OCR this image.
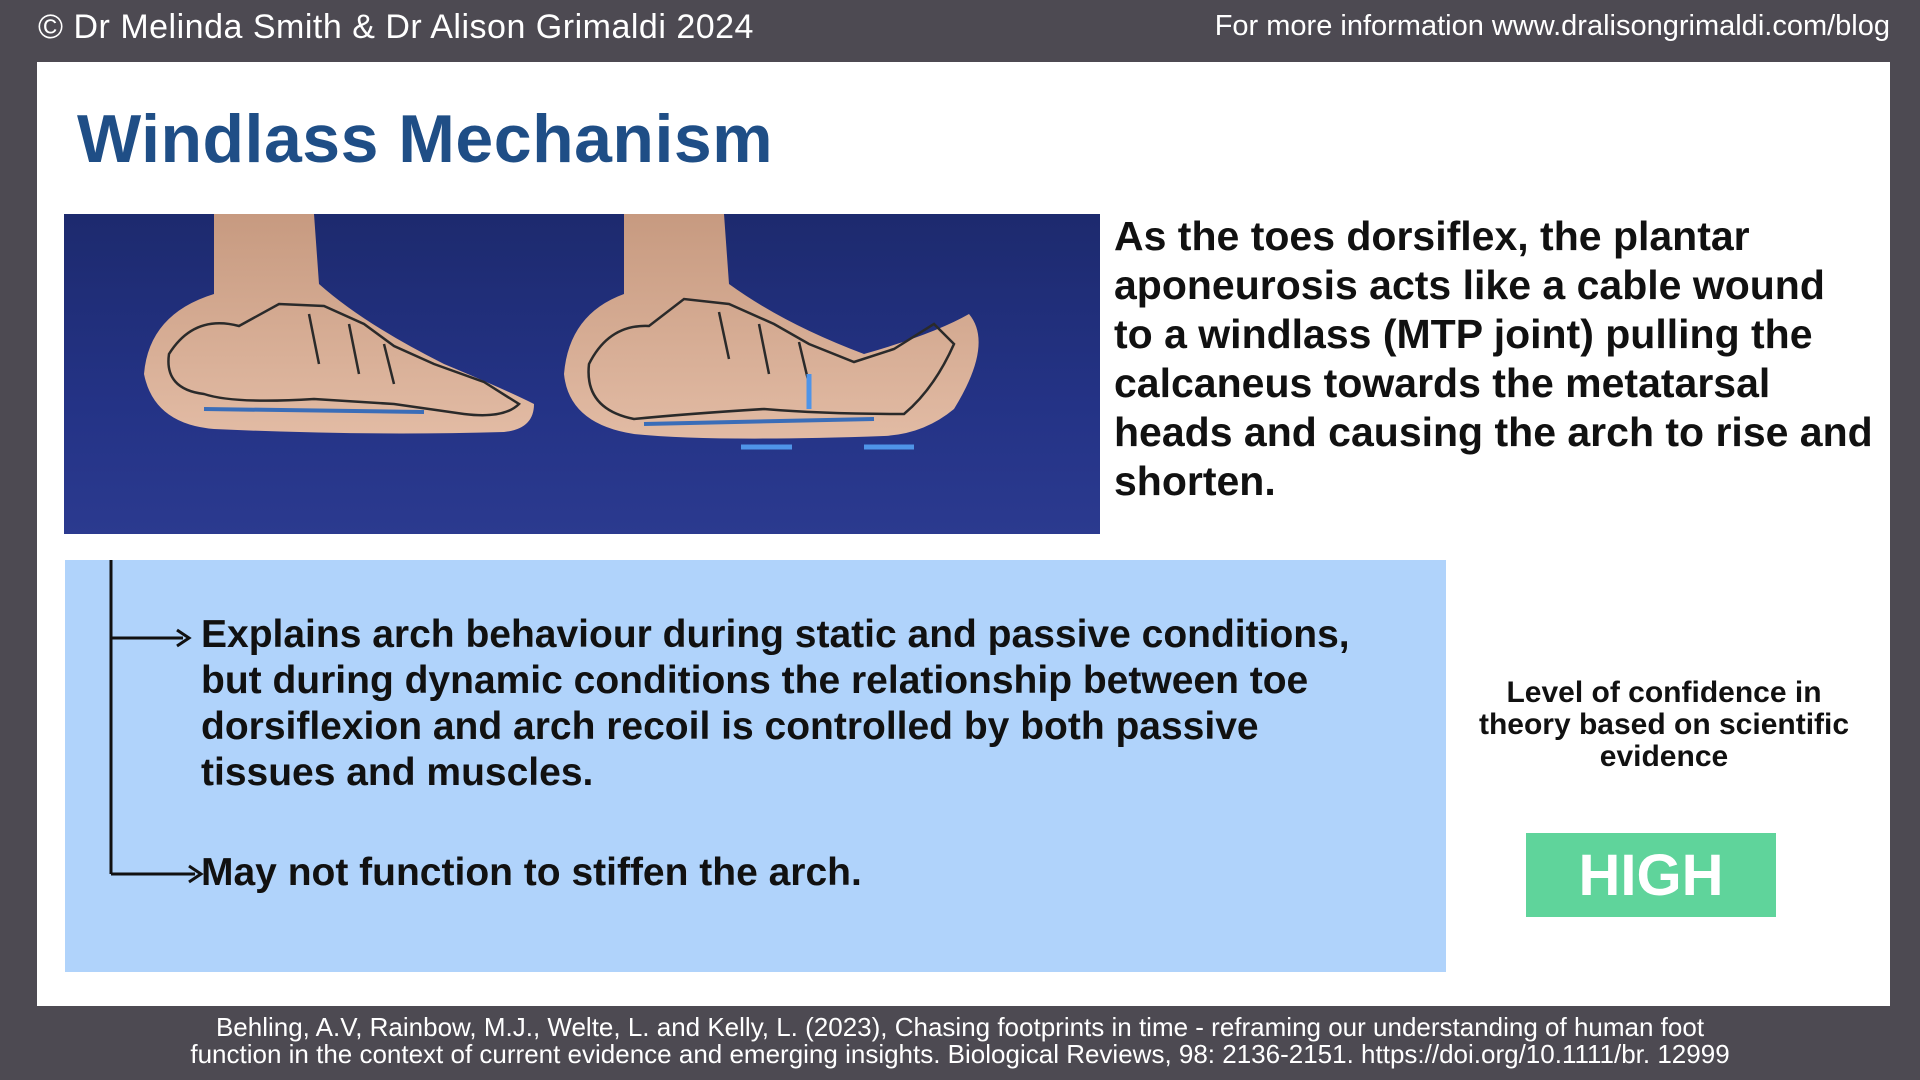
© Dr Melinda Smith & Dr Alison Grimaldi 2024	For more information www.dralisongrimaldi.com/blog
Windlass Mechanism

As the toes dorsiflex, the plantar aponeurosis acts like a cable wound to a windlass (MTP joint) pulling the calcaneus towards the metatarsal heads and causing the arch to rise and shorten.

Explains arch behaviour during static and passive conditions, but during dynamic conditions the relationship between toe dorsiflexion and arch recoil is controlled by both passive tissues and muscles.

May not function to stiffen the arch.

Level of confidence in theory based on scientific evidence
HIGH
Behling, A.V, Rainbow, M.J., Welte, L. and Kelly, L. (2023), Chasing footprints in time - reframing our understanding of human foot
function in the context of current evidence and emerging insights. Biological Reviews, 98: 2136-2151. https://doi.org/10.1111/br. 12999
